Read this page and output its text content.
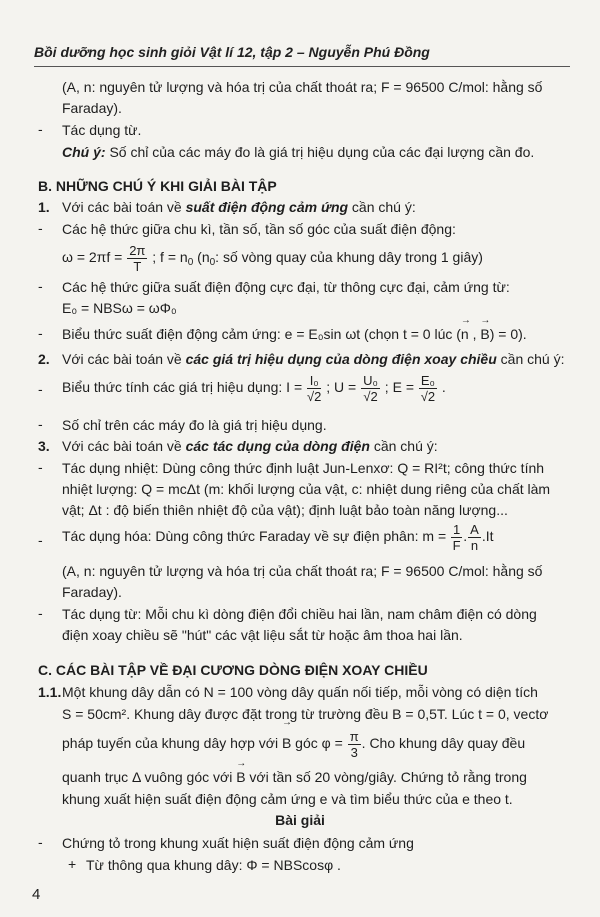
Bồi dưỡng học sinh giỏi Vật lí 12, tập 2 – Nguyễn Phú Đồng
(A, n: nguyên tử lượng và hóa trị của chất thoát ra; F = 96500 C/mol: hằng số
Faraday).
- Tác dụng từ.
Chú ý: Số chỉ của các máy đo là giá trị hiệu dụng của các đại lượng cần đo.
B. NHỮNG CHÚ Ý KHI GIẢI BÀI TẬP
1. Với các bài toán về suất điện động cảm ứng cần chú ý:
- Các hệ thức giữa chu kì, tần số, tần số góc của suất điện động:
$\omega = 2\pi f = \frac{2\pi}{T}$ ; $f = n_0$ ($n_0$: số vòng quay của khung dây trong 1 giây)
- Các hệ thức giữa suất điện động cực đại, từ thông cực đại, cảm ứng từ:
E₀ = NBSω = ωΦ₀
- Biểu thức suất điện động cảm ứng: e = E₀sin ωt (chọn t = 0 lúc (→ n , → B) = 0).
2. Với các bài toán về các giá trị hiệu dụng của dòng điện xoay chiều cần chú ý:
- Biểu thức tính các giá trị hiệu dụng: $I = \frac{\text{I₀}}{√2}$ ; $U = \frac{\text{U₀}}{√2}$ ; $E = \frac{\text{E₀}}{√2}$ .
- Số chỉ trên các máy đo là giá trị hiệu dụng.
3. Với các bài toán về các tác dụng của dòng điện cần chú ý:
- Tác dụng nhiệt: Dùng công thức định luật Jun-Lenxơ: Q = RI²t; công thức tính
nhiệt lượng: Q = mcΔt (m: khối lượng của vật, c: nhiệt dung riêng của chất làm
vật; Δt : độ biến thiên nhiệt độ của vật); định luật bảo toàn năng lượng...
- Tác dụng hóa: Dùng công thức Faraday về sự điện phân: $m = \frac{1}{F}$ . $\frac{A}{n} .It$
(A, n: nguyên tử lượng và hóa trị của chất thoát ra; F = 96500 C/mol: hằng số
Faraday).
- Tác dụng từ: Mỗi chu kì dòng điện đổi chiều hai lần, nam châm điện có dòng
điện xoay chiều sẽ "hút" các vật liệu sắt từ hoặc âm thoa hai lần.
C. CÁC BÀI TẬP VỀ ĐẠI CƯƠNG DÒNG ĐIỆN XOAY CHIỀU
1.1. Một khung dây dẫn có N = 100 vòng dây quấn nối tiếp, mỗi vòng có diện tích
S = 50cm². Khung dây được đặt trong từ trường đều B = 0,5T. Lúc t = 0, vectơ
pháp tuyến của khung dây hợp với → B góc $\varphi = \frac{\pi}{3}$ . Cho khung dây quay đều
quanh trục Δ vuông góc với → B với tần số 20 vòng/giây. Chứng tỏ rằng trong
khung xuất hiện suất điện động cảm ứng e và tìm biểu thức của e theo t.
Bài giải
- Chứng tỏ trong khung xuất hiện suất điện động cảm ứng
+ Từ thông qua khung dây: Φ = NBScosφ .
4
